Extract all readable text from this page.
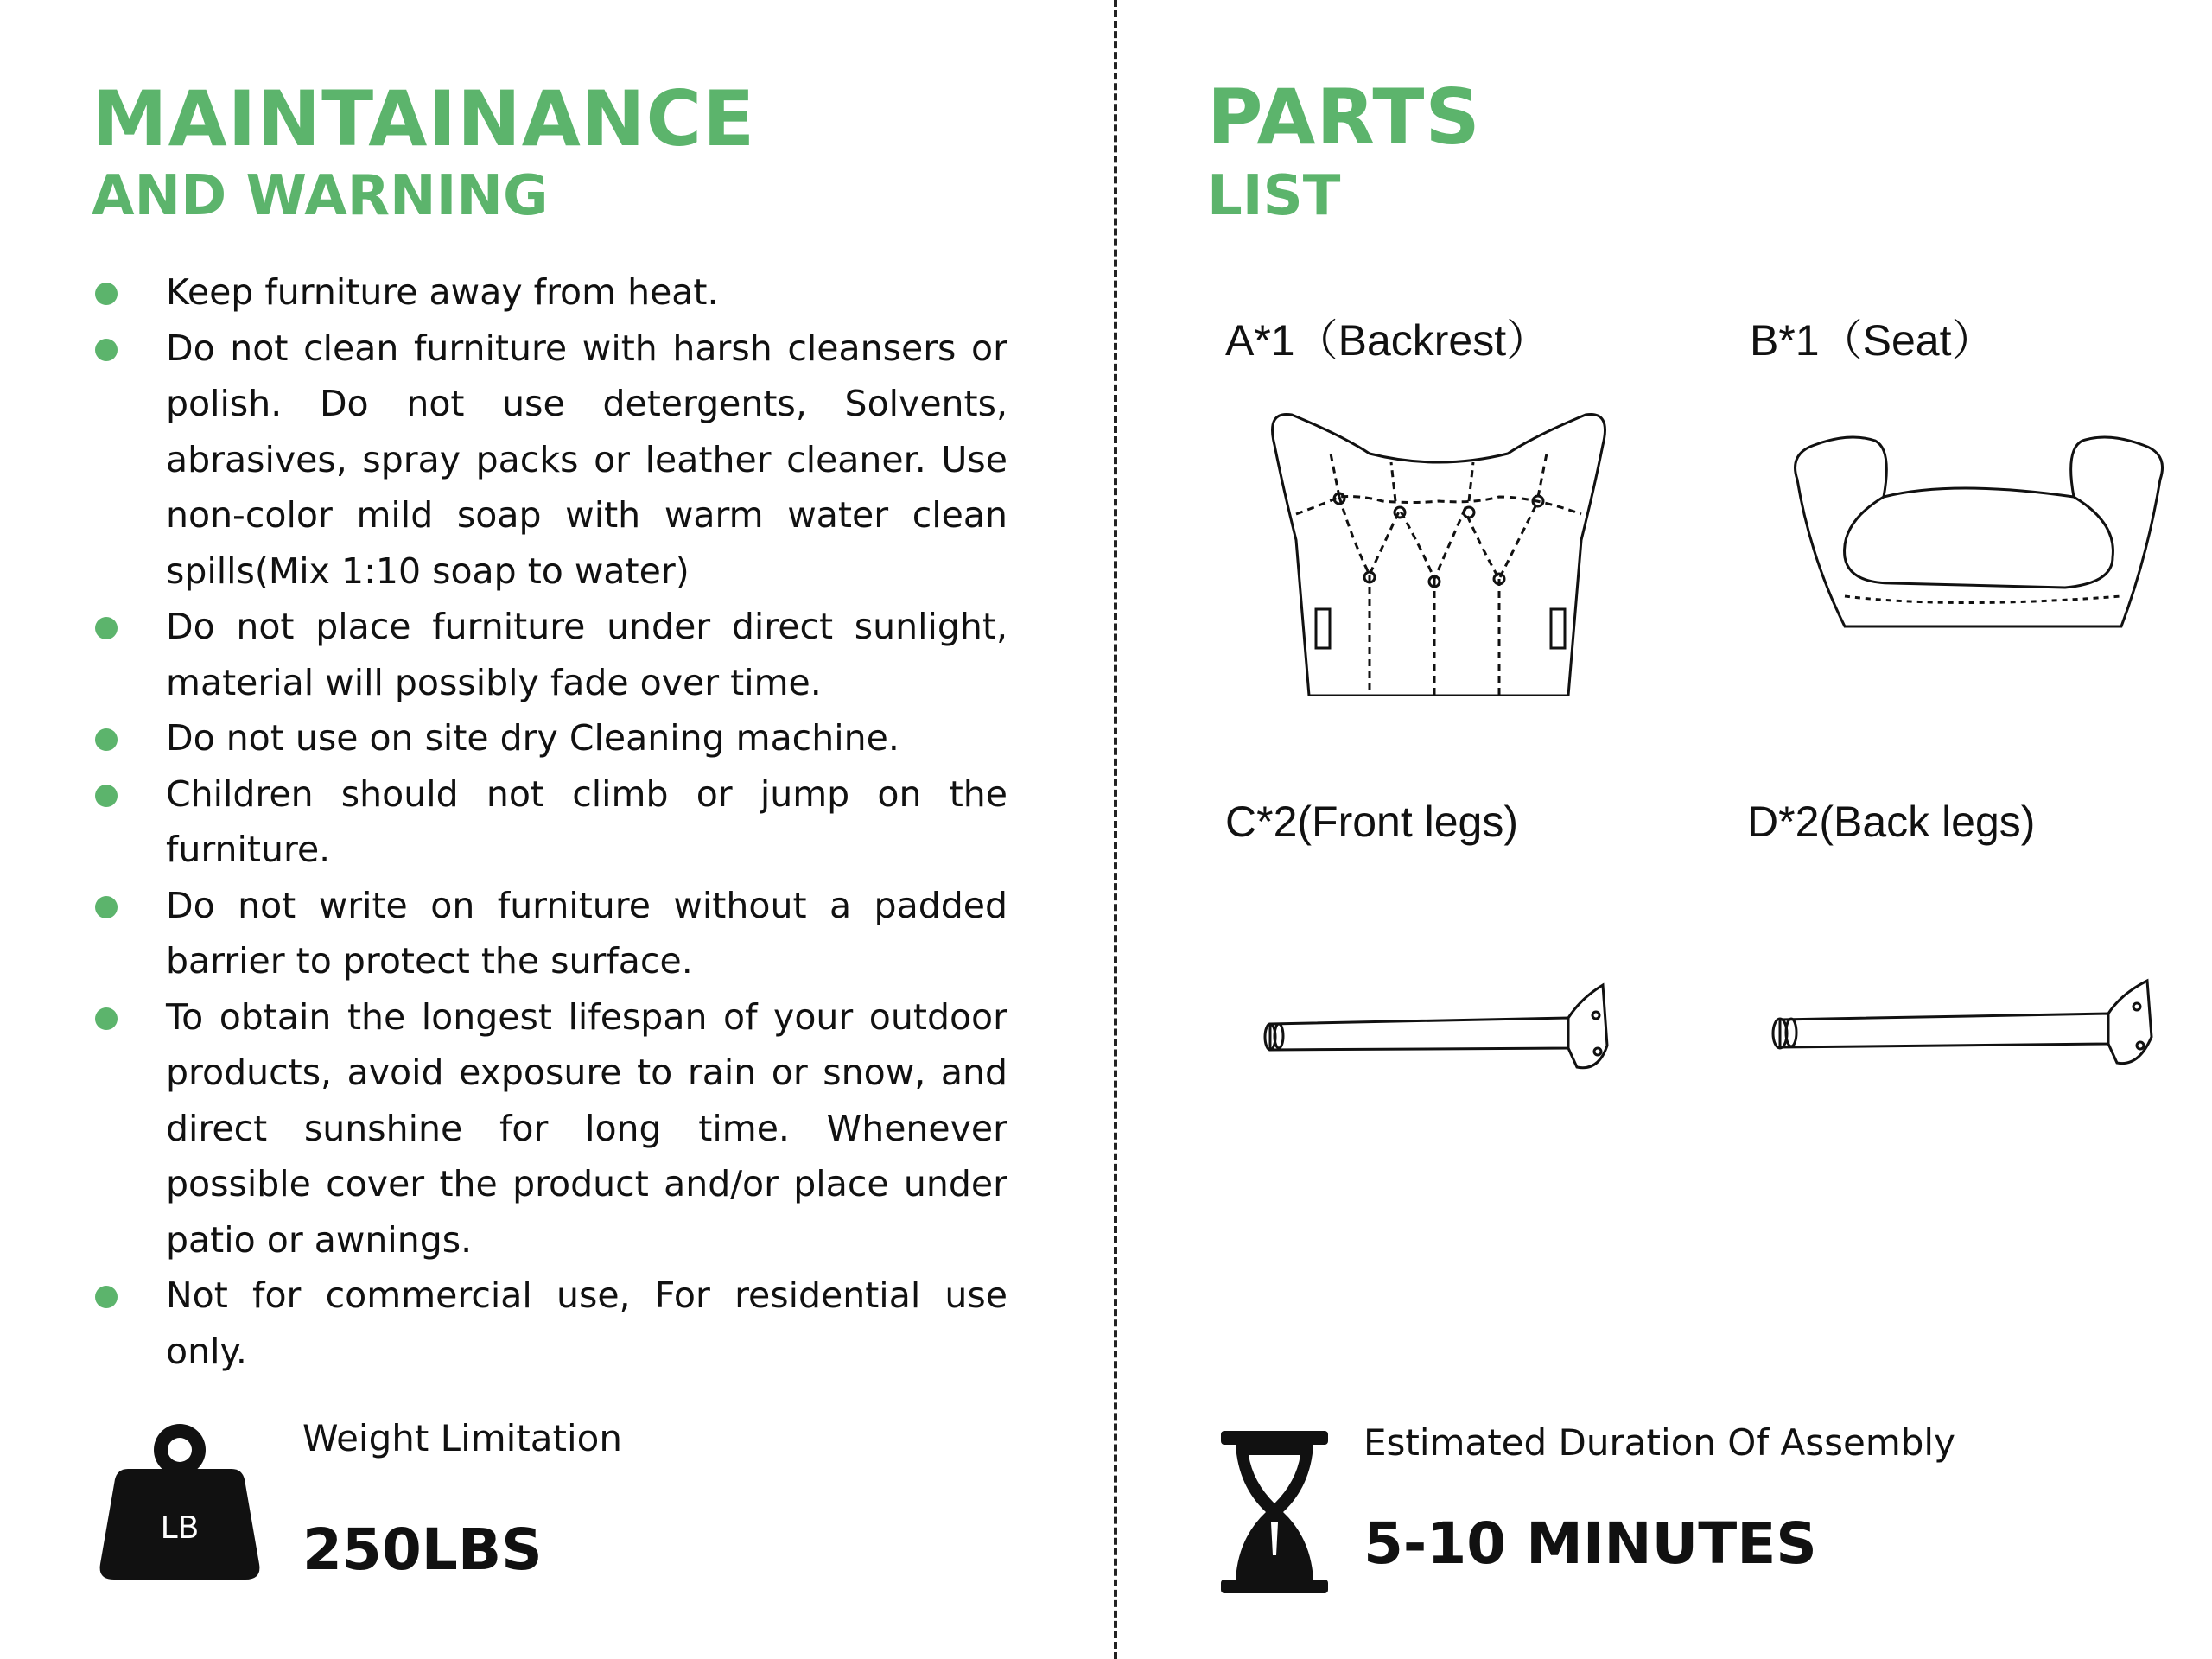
MAINTAINANCE
AND WARNING
Keep furniture away from heat.
Do not clean furniture with harsh cleansers or polish. Do not use detergents, Solvents, abrasives, spray packs or leather cleaner. Use non-color mild soap with warm water clean spills(Mix 1:10 soap to water)
Do not place furniture under direct sunlight, material will possibly fade over time.
Do not use on site dry Cleaning machine.
Children should not climb or jump on the furniture.
Do not write on furniture without a padded barrier to protect the surface.
To obtain the longest lifespan of your outdoor products, avoid exposure to rain or snow, and direct sunshine for long time. Whenever possible cover the product and/or place under patio or awnings.
Not for commercial use, For residential use only.
LB
Weight Limitation
250LBS
PARTS
LIST
A*1（Backrest）	B*1（Seat）
C*2(Front legs)	D*2(Back legs)
Estimated Duration Of Assembly
5-10 MINUTES
